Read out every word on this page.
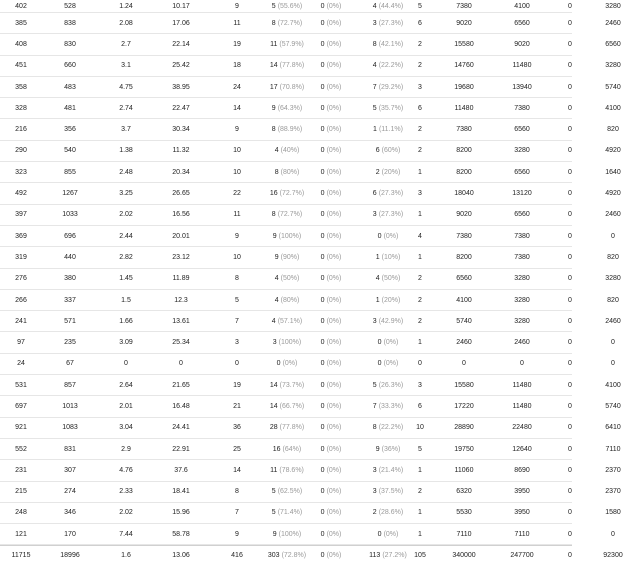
402	528	1.24	10.17	9	5 (55.6%)	0 (0%)	4 (44.4%) 5	7380	4100	0	3280
385	838	2.08	17.06	11	8 (72.7%)	0 (0%)	3 (27.3%) 6	9020	6560	0	2460
408	830	2.7	22.14	19	11 (57.9%) 0 (0%)	8 (42.1%) 2	15580	9020	0	6560
451	660	3.1	25.42	18	14 (77.8%) 0 (0%)	4 (22.2%) 2	14760	11480	0	3280
358	483	4.75	38.95	24	17 (70.8%) 0 (0%)	7 (29.2%) 3	19680	13940	0	5740
328	481	2.74	22.47	14	9 (64.3%)	0 (0%)	5 (35.7%) 6	11480	7380	0	4100
216	356	3.7	30.34	9	8 (88.9%)	0 (0%)	1 (11.1%) 2	7380	6560	0	820
290	540	1.38	11.32	10	4 (40%)	0 (0%)	6 (60%)	2	8200	3280	0	4920
323	855	2.48	20.34	10	8 (80%)	0 (0%)	2 (20%)	1	8200	6560	0	1640
492	1267	3.25	26.65	22	16 (72.7%) 0 (0%)	6 (27.3%) 3	18040	13120	0	4920
397	1033	2.02	16.56	11	8 (72.7%)	0 (0%)	3 (27.3%) 1	9020	6560	0	2460
369	696	2.44	20.01	9	9 (100%)	0 (0%)	0 (0%)	4	7380	7380	0	0
319	440	2.82	23.12	10	9 (90%)	0 (0%)	1 (10%)	1	8200	7380	0	820
276	380	1.45	11.89	8	4 (50%)	0 (0%)	4 (50%)	2	6560	3280	0	3280
266	337	1.5	12.3	5	4 (80%)	0 (0%)	1 (20%)	2	4100	3280	0	820
241	571	1.66	13.61	7	4 (57.1%)	0 (0%)	3 (42.9%) 2	5740	3280	0	2460
97	235	3.09	25.34	3	3 (100%)	0 (0%)	0 (0%)	1	2460	2460	0	0
24	67	0	0	0	0 (0%)	0 (0%)	0 (0%)	0	0	0	0	0
531	857	2.64	21.65	19	14 (73.7%) 0 (0%)	5 (26.3%) 3	15580	11480	0	4100
697	1013	2.01	16.48	21	14 (66.7%) 0 (0%)	7 (33.3%) 6	17220	11480	0	5740
921	1083	3.04	24.41	36	28 (77.8%) 0 (0%)	8 (22.2%) 10	28890	22480	0	6410
552	831	2.9	22.91	25	16 (64%)	0 (0%)	9 (36%)	5	19750	12640	0	7110
231	307	4.76	37.6	14	11 (78.6%) 0 (0%)	3 (21.4%) 1	11060	8690	0	2370
215	274	2.33	18.41	8	5 (62.5%)	0 (0%)	3 (37.5%) 2	6320	3950	0	2370
248	346	2.02	15.96	7	5 (71.4%)	0 (0%)	2 (28.6%) 1	5530	3950	0	1580
121	170	7.44	58.78	9	9 (100%)	0 (0%)	0 (0%)	1	7110	7110	0	0
11715	18996	1.6	13.06	416	303 (72.8%) 0 (0%)	113 (27.2%) 105	340000	247700	0	92300
